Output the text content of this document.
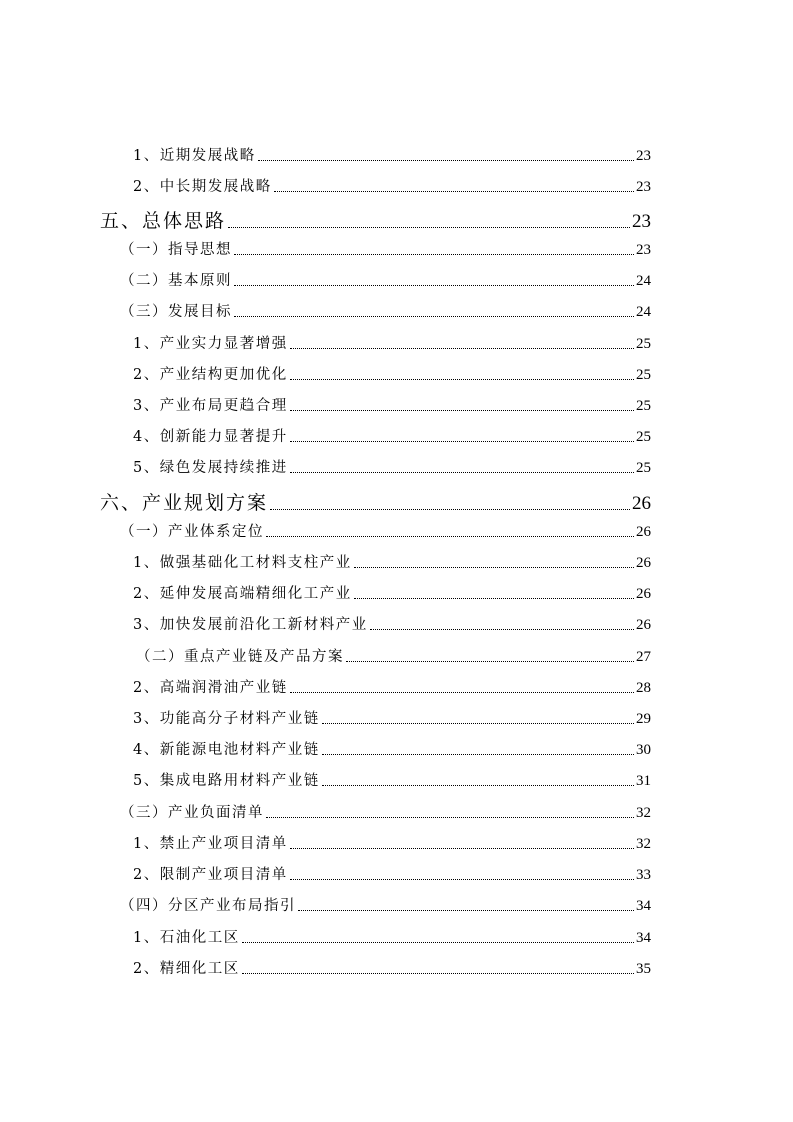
1、近期发展战略	23
2、中长期发展战略	23
五、总体思路	23
（一）指导思想	23
（二）基本原则	24
（三）发展目标	24
1、产业实力显著增强	25
2、产业结构更加优化	25
3、产业布局更趋合理	25
4、创新能力显著提升	25
5、绿色发展持续推进	25
六、产业规划方案	26
（一）产业体系定位	26
1、做强基础化工材料支柱产业	26
2、延伸发展高端精细化工产业	26
3、加快发展前沿化工新材料产业	26
（二）重点产业链及产品方案	27
2、高端润滑油产业链	28
3、功能高分子材料产业链	29
4、新能源电池材料产业链	30
5、集成电路用材料产业链	31
（三）产业负面清单	32
1、禁止产业项目清单	32
2、限制产业项目清单	33
（四）分区产业布局指引	34
1、石油化工区	34
2、精细化工区	35
